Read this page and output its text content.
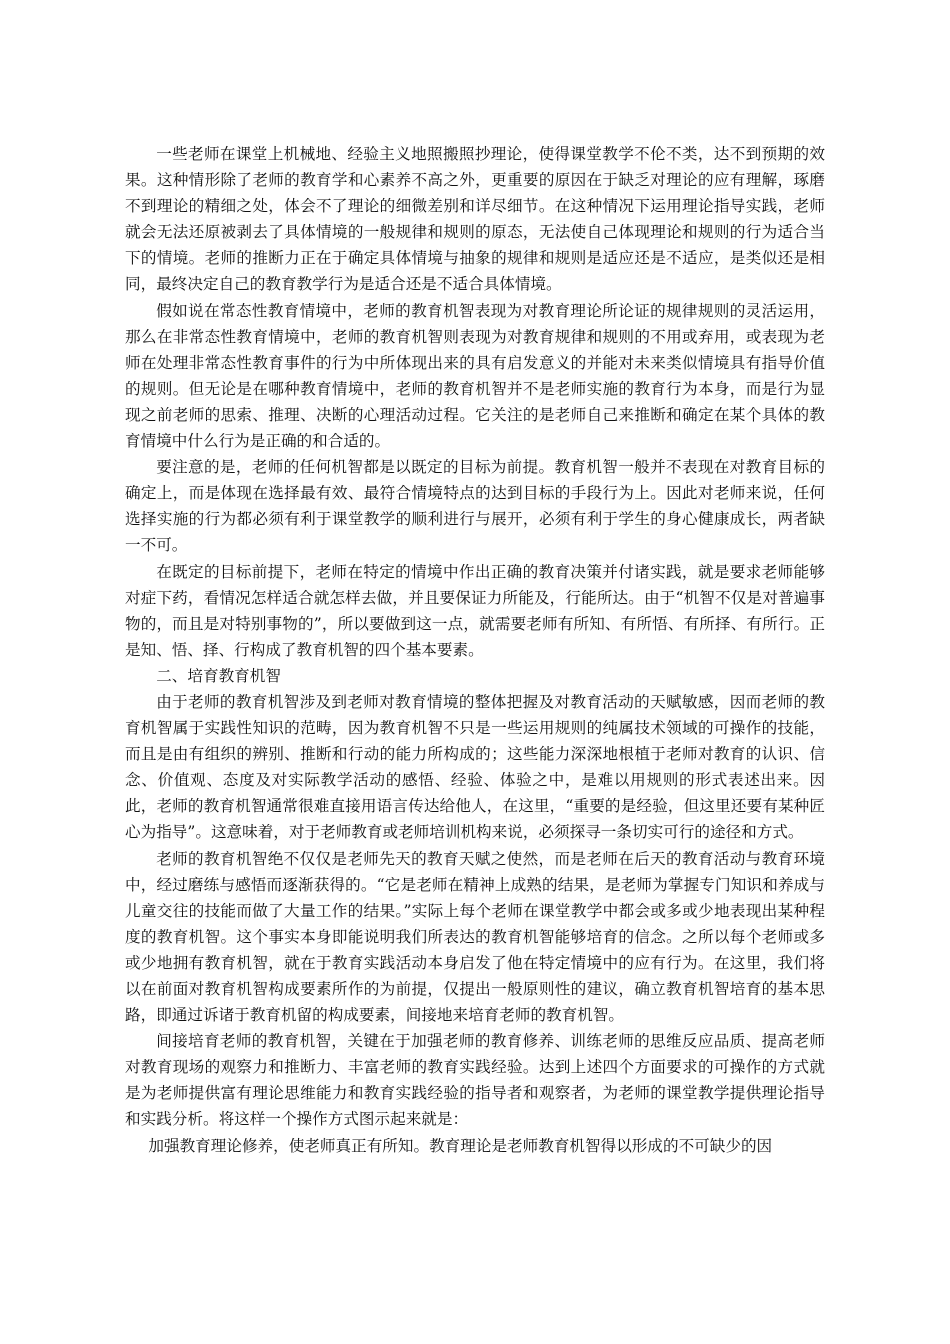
一些老师在课堂上机械地、经验主义地照搬照抄理论，使得课堂教学不伦不类，达不到预期的效果。这种情形除了老师的教育学和心素养不高之外，更重要的原因在于缺乏对理论的应有理解，琢磨不到理论的精细之处，体会不了理论的细微差别和详尽细节。在这种情况下运用理论指导实践，老师就会无法还原被剥去了具体情境的一般规律和规则的原态，无法使自己体现理论和规则的行为适合当下的情境。老师的推断力正在于确定具体情境与抽象的规律和规则是适应还是不适应，是类似还是相同，最终决定自己的教育教学行为是适合还是不适合具体情境。

假如说在常态性教育情境中，老师的教育机智表现为对教育理论所论证的规律规则的灵活运用，那么在非常态性教育情境中，老师的教育机智则表现为对教育规律和规则的不用或弃用，或表现为老师在处理非常态性教育事件的行为中所体现出来的具有启发意义的并能对未来类似情境具有指导价值的规则。但无论是在哪种教育情境中，老师的教育机智并不是老师实施的教育行为本身，而是行为显现之前老师的思索、推理、决断的心理活动过程。它关注的是老师自己来推断和确定在某个具体的教育情境中什么行为是正确的和合适的。

要注意的是，老师的任何机智都是以既定的目标为前提。教育机智一般并不表现在对教育目标的确定上，而是体现在选择最有效、最符合情境特点的达到目标的手段行为上。因此对老师来说，任何选择实施的行为都必须有利于课堂教学的顺利进行与展开，必须有利于学生的身心健康成长，两者缺一不可。

在既定的目标前提下，老师在特定的情境中作出正确的教育决策并付诸实践，就是要求老师能够对症下药，看情况怎样适合就怎样去做，并且要保证力所能及，行能所达。由于“机智不仅是对普遍事物的，而且是对特别事物的”，所以要做到这一点，就需要老师有所知、有所悟、有所择、有所行。正是知、悟、择、行构成了教育机智的四个基本要素。

二、培育教育机智

由于老师的教育机智涉及到老师对教育情境的整体把握及对教育活动的天赋敏感，因而老师的教育机智属于实践性知识的范畴，因为教育机智不只是一些运用规则的纯属技术领域的可操作的技能，而且是由有组织的辨别、推断和行动的能力所构成的；这些能力深深地根植于老师对教育的认识、信念、价值观、态度及对实际教学活动的感悟、经验、体验之中，是难以用规则的形式表述出来。因此，老师的教育机智通常很难直接用语言传达给他人，在这里，“重要的是经验，但这里还要有某种匠心为指导”。这意味着，对于老师教育或老师培训机构来说，必须探寻一条切实可行的途径和方式。

老师的教育机智绝不仅仅是老师先天的教育天赋之使然，而是老师在后天的教育活动与教育环境中，经过磨练与感悟而逐渐获得的。“它是老师在精神上成熟的结果，是老师为掌握专门知识和养成与儿童交往的技能而做了大量工作的结果。”实际上每个老师在课堂教学中都会或多或少地表现出某种程度的教育机智。这个事实本身即能说明我们所表达的教育机智能够培育的信念。之所以每个老师或多或少地拥有教育机智，就在于教育实践活动本身启发了他在特定情境中的应有行为。在这里，我们将以在前面对教育机智构成要素所作的为前提，仅提出一般原则性的建议，确立教育机智培育的基本思路，即通过诉诸于教育机留的构成要素，间接地来培育老师的教育机智。

间接培育老师的教育机智，关键在于加强老师的教育修养、训练老师的思维反应品质、提高老师对教育现场的观察力和推断力、丰富老师的教育实践经验。达到上述四个方面要求的可操作的方式就是为老师提供富有理论思维能力和教育实践经验的指导者和观察者，为老师的课堂教学提供理论指导和实践分析。将这样一个操作方式图示起来就是：

加强教育理论修养，使老师真正有所知。教育理论是老师教育机智得以形成的不可缺少的因
